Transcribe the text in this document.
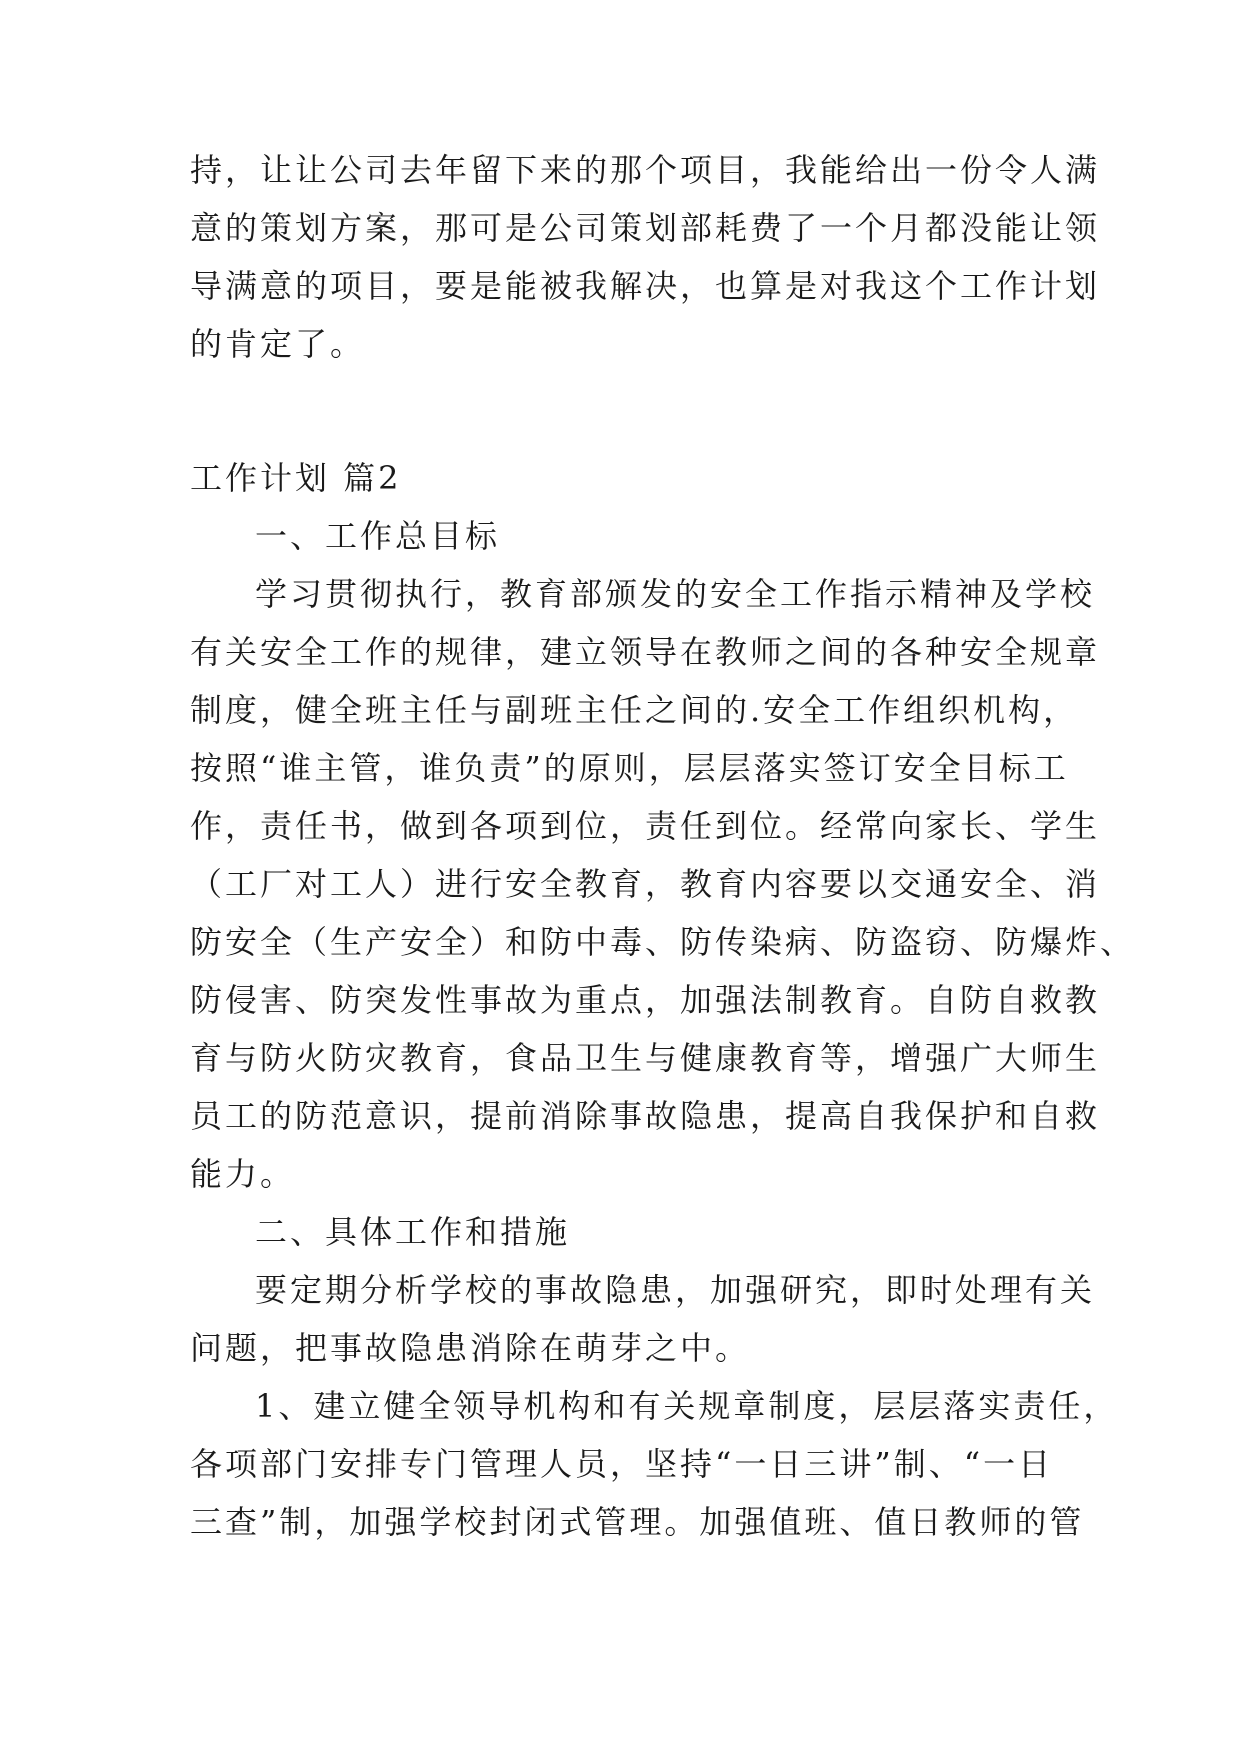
持，让让公司去年留下来的那个项目，我能给出一份令人满

意的策划方案，那可是公司策划部耗费了一个月都没能让领

导满意的项目，要是能被我解决，也算是对我这个工作计划

的肯定了。

工作计划 篇2

一、工作总目标

学习贯彻执行，教育部颁发的安全工作指示精神及学校

有关安全工作的规律，建立领导在教师之间的各种安全规章

制度，健全班主任与副班主任之间的.安全工作组织机构，

按照“谁主管，谁负责”的原则，层层落实签订安全目标工

作，责任书，做到各项到位，责任到位。经常向家长、学生

（工厂对工人）进行安全教育，教育内容要以交通安全、消

防安全（生产安全）和防中毒、防传染病、防盗窃、防爆炸、

防侵害、防突发性事故为重点，加强法制教育。自防自救教

育与防火防灾教育，食品卫生与健康教育等，增强广大师生

员工的防范意识，提前消除事故隐患，提高自我保护和自救

能力。

二、具体工作和措施

要定期分析学校的事故隐患，加强研究，即时处理有关

问题，把事故隐患消除在萌芽之中。

1、建立健全领导机构和有关规章制度，层层落实责任，

各项部门安排专门管理人员，坚持“一日三讲”制、“一日

三查”制，加强学校封闭式管理。加强值班、值日教师的管
